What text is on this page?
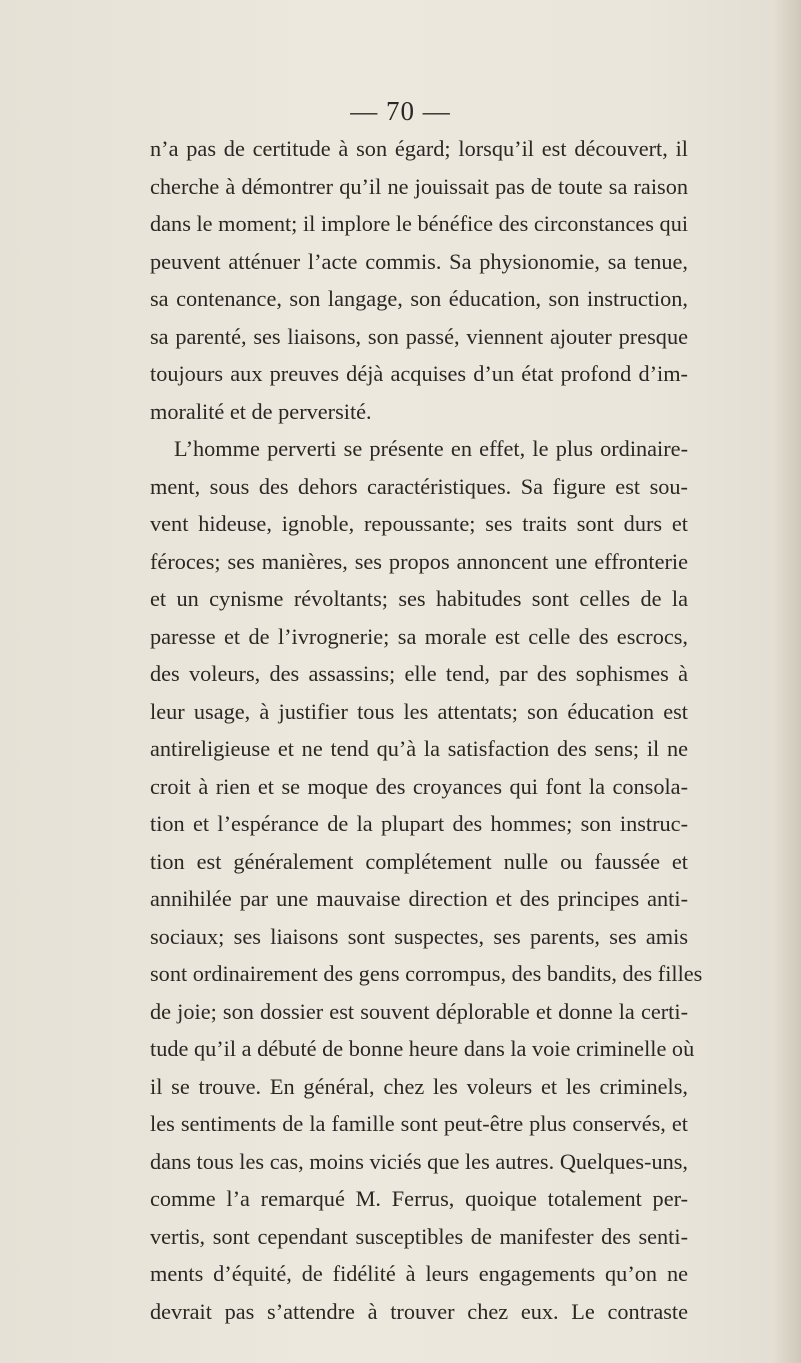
— 70 —
n’a pas de certitude à son égard; lorsqu’il est découvert, il
cherche à démontrer qu’il ne jouissait pas de toute sa raison
dans le moment; il implore le bénéfice des circonstances qui
peuvent atténuer l’acte commis. Sa physionomie, sa tenue,
sa contenance, son langage, son éducation, son instruction,
sa parenté, ses liaisons, son passé, viennent ajouter presque
toujours aux preuves déjà acquises d’un état profond d’im-
moralité et de perversité.
L’homme perverti se présente en effet, le plus ordinaire-
ment, sous des dehors caractéristiques. Sa figure est sou-
vent hideuse, ignoble, repoussante; ses traits sont durs et
féroces; ses manières, ses propos annoncent une effronterie
et un cynisme révoltants; ses habitudes sont celles de la
paresse et de l’ivrognerie; sa morale est celle des escrocs,
des voleurs, des assassins; elle tend, par des sophismes à
leur usage, à justifier tous les attentats; son éducation est
antireligieuse et ne tend qu’à la satisfaction des sens; il ne
croit à rien et se moque des croyances qui font la consola-
tion et l’espérance de la plupart des hommes; son instruc-
tion est généralement complétement nulle ou faussée et
annihilée par une mauvaise direction et des principes anti-
sociaux; ses liaisons sont suspectes, ses parents, ses amis
sont ordinairement des gens corrompus, des bandits, des filles
de joie; son dossier est souvent déplorable et donne la certi-
tude qu’il a débuté de bonne heure dans la voie criminelle où
il se trouve. En général, chez les voleurs et les criminels,
les sentiments de la famille sont peut-être plus conservés, et
dans tous les cas, moins viciés que les autres. Quelques-uns,
comme l’a remarqué M. Ferrus, quoique totalement per-
vertis, sont cependant susceptibles de manifester des senti-
ments d’équité, de fidélité à leurs engagements qu’on ne
devrait pas s’attendre à trouver chez eux. Le contraste
